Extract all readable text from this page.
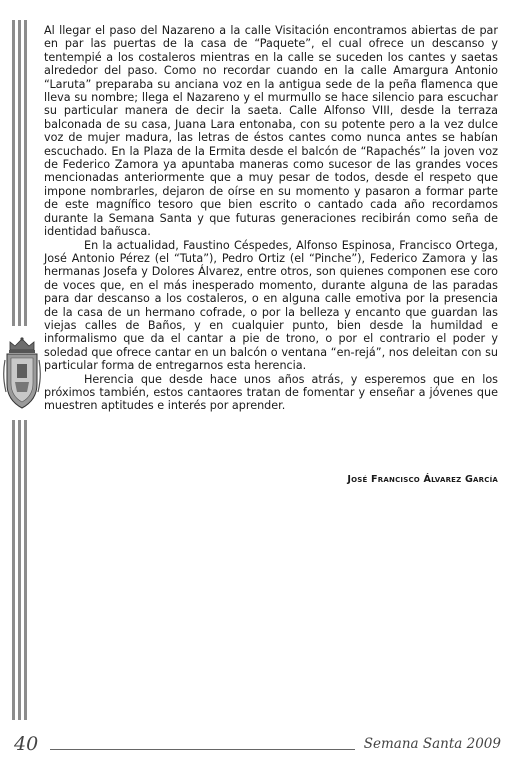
Al llegar el paso del Nazareno a la calle Visitación encontramos abiertas de par en par las puertas de la casa de “Paquete”, el cual ofrece un descanso y tentempié a los costaleros mientras en la calle se suceden los cantes y saetas alrededor del paso. Como no recordar cuando en la calle Amargura Antonio “Laruta” preparaba su anciana voz en la antigua sede de la peña flamenca que lleva su nombre; llega el Nazareno y el murmullo se hace silencio para escuchar su particular manera de decir la saeta. Calle Alfonso VIII, desde la terraza balconada de su casa, Juana Lara entonaba, con su potente pero a la vez dulce voz de mujer madura, las letras de éstos cantes como nunca antes se habían escuchado. En la Plaza de la Ermita desde el balcón de “Rapachés” la joven voz de Federico Zamora ya apuntaba maneras como sucesor de las grandes voces mencionadas anteriormente que a muy pesar de todos, desde el respeto que impone nombrarles, dejaron de oírse en su momento y pasaron a formar parte de este magnífico tesoro que bien escrito o cantado cada año recordamos durante la Semana Santa y que futuras generaciones recibirán como seña de identidad bañusca.

En la actualidad, Faustino Céspedes, Alfonso Espinosa, Francisco Ortega, José Antonio Pérez (el “Tuta”), Pedro Ortiz (el “Pinche”), Federico Zamora y las hermanas Josefa y Dolores Álvarez, entre otros, son quienes componen ese coro de voces que, en el más inesperado momento, durante alguna de las paradas para dar descanso a los costaleros, o en alguna calle emotiva por la presencia de la casa de un hermano cofrade, o por la belleza y encanto que guardan las viejas calles de Baños, y en cualquier punto, bien desde la humildad e informalismo que da el cantar a pie de trono, o por el contrario el poder y soledad que ofrece cantar en un balcón o ventana “en-rejá”, nos deleitan con su particular forma de entregarnos esta herencia.

Herencia que desde hace unos años atrás, y esperemos que en los próximos también, estos cantaores tratan de fomentar y enseñar a jóvenes que muestren aptitudes e interés por aprender.

José Francisco Álvarez García
40	Semana Santa 2009
